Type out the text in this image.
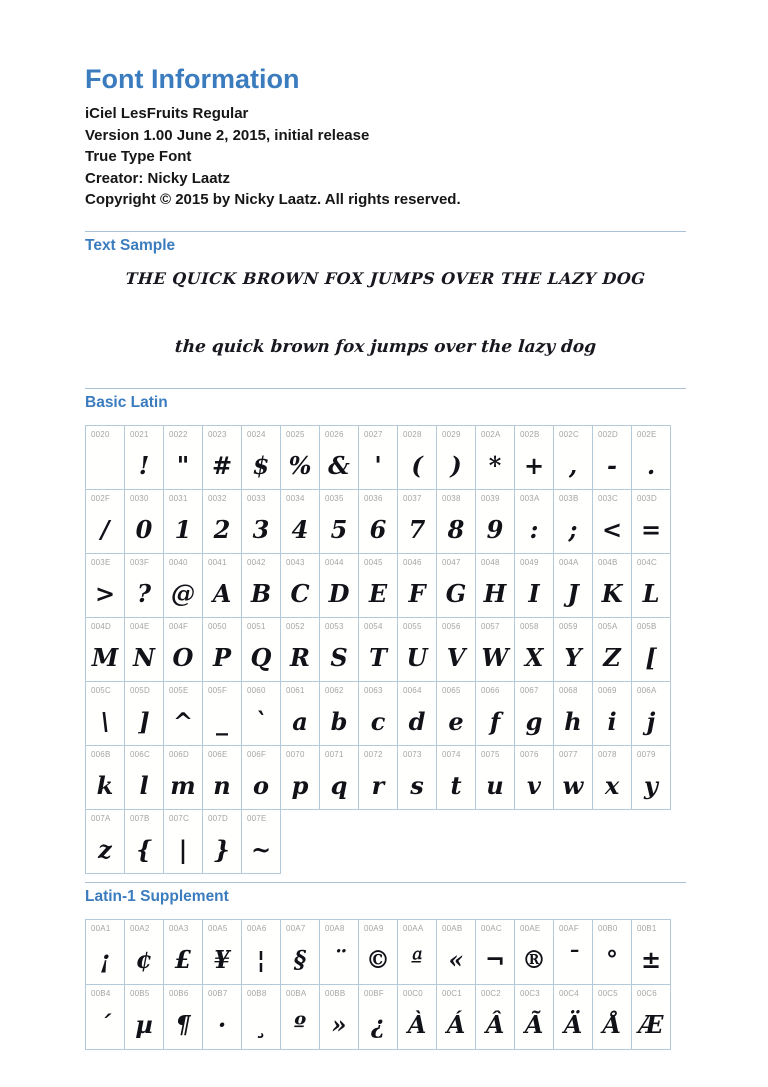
Font Information
iCiel LesFruits Regular
Version 1.00 June 2, 2015, initial release
True Type Font
Creator: Nicky Laatz
Copyright © 2015 by Nicky Laatz. All rights reserved.
Text Sample
THE QUICK BROWN FOX JUMPS OVER THE LAZY DOG
the quick brown fox jumps over the lazy dog
Basic Latin
0020	0021
!
0022
"
0023
#
0024
$
0025
%
0026
&
0027
'
0028
(
0029
)
002A
*
002B
+
002C
,
002D
-
002E
.
002F
/
0030
0
0031
1
0032
2
0033
3
0034
4
0035
5
0036
6
0037
7
0038
8
0039
9
003A
:
003B
;
003C
<
003D
=
003E
>
003F
?
0040
@
0041
A
0042
B
0043
C
0044
D
0045
E
0046
F
0047
G
0048
H
0049
I
004A
J
004B
K
004C
L
004D
M
004E
N
004F
O
0050
P
0051
Q
0052
R
0053
S
0054
T
0055
U
0056
V
0057
W
0058
X
0059
Y
005A
Z
005B
[
005C
\
005D
]
005E
^
005F
_
0060
`
0061
a
0062
b
0063
c
0064
d
0065
e
0066
f
0067
g
0068
h
0069
i
006A
j
006B
k
006C
l
006D
m
006E
n
006F
o
0070
p
0071
q
0072
r
0073
s
0074
t
0075
u
0076
v
0077
w
0078
x
0079
y
007A
z
007B
{
007C
|
007D
}
007E
~
Latin-1 Supplement
00A1
¡
00A2
¢
00A3
£
00A5
¥
00A6
¦
00A7
§
00A8
¨
00A9
©
00AA
ª
00AB
«
00AC
¬
00AE
®
00AF
¯
00B0
°
00B1
±
00B4
´
00B5
µ
00B6
¶
00B7
·
00B8
¸
00BA
º
00BB
»
00BF
¿
00C0
À
00C1
Á
00C2
Â
00C3
Ã
00C4
Ä
00C5
Å
00C6
Æ
